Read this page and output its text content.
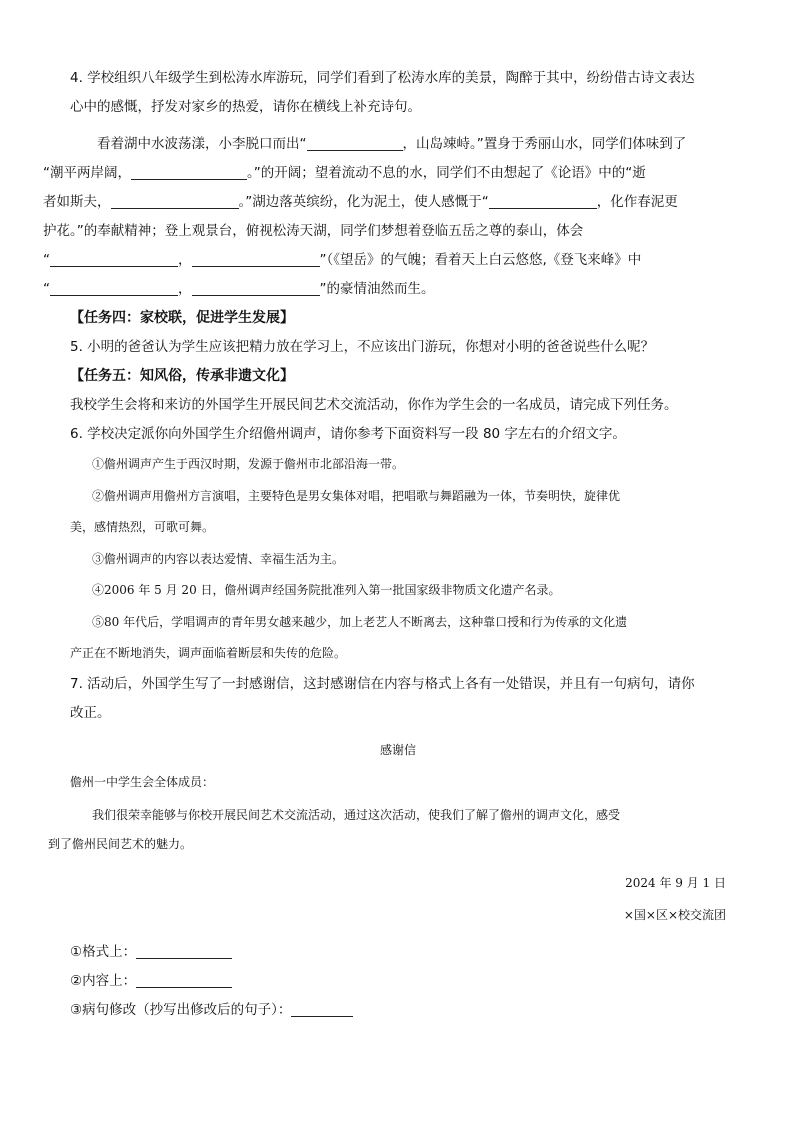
4. 学校组织八年级学生到松涛水库游玩，同学们看到了松涛水库的美景，陶醉于其中，纷纷借古诗文表达

心中的感慨，抒发对家乡的热爱，请你在横线上补充诗句。

看着湖中水波荡漾，小李脱口而出“	，山岛竦峙。”置身于秀丽山水，同学们体味到了
“潮平两岸阔，	。”的开阔；望着流动不息的水，同学们不由想起了《论语》中的“逝
者如斯夫，	。”湖边落英缤纷，化为泥土，使人感慨于“	，化作春泥更
护花。”的奉献精神；登上观景台，俯视松涛天湖，同学们梦想着登临五岳之尊的泰山，体会
“	，	”（《望岳》的气魄；看着天上白云悠悠,《登飞来峰》中
“	，	”的豪情油然而生。

【任务四：家校联，促进学生发展】

5. 小明的爸爸认为学生应该把精力放在学习上，不应该出门游玩，你想对小明的爸爸说些什么呢？

【任务五：知风俗，传承非遗文化】

我校学生会将和来访的外国学生开展民间艺术交流活动，你作为学生会的一名成员，请完成下列任务。

6. 学校决定派你向外国学生介绍儋州调声，请你参考下面资料写一段 80 字左右的介绍文字。

①儋州调声产生于西汉时期，发源于儋州市北部沿海一带。

②儋州调声用儋州方言演唱，主要特色是男女集体对唱，把唱歌与舞蹈融为一体，节奏明快，旋律优

美，感情热烈，可歌可舞。

③儋州调声的内容以表达爱情、幸福生活为主。

④2006 年 5 月 20 日，儋州调声经国务院批准列入第一批国家级非物质文化遗产名录。

⑤80 年代后，学唱调声的青年男女越来越少，加上老艺人不断离去，这种靠口授和行为传承的文化遗

产正在不断地消失，调声面临着断层和失传的危险。

7. 活动后，外国学生写了一封感谢信，这封感谢信在内容与格式上各有一处错误，并且有一句病句，请你

改正。

感谢信

儋州一中学生会全体成员：

我们很荣幸能够与你校开展民间艺术交流活动，通过这次活动，使我们了解了儋州的调声文化，感受
到了儋州民间艺术的魅力。

2024 年 9 月 1 日

×国×区×校交流团

①格式上：

②内容上：

③病句修改（抄写出修改后的句子）：
